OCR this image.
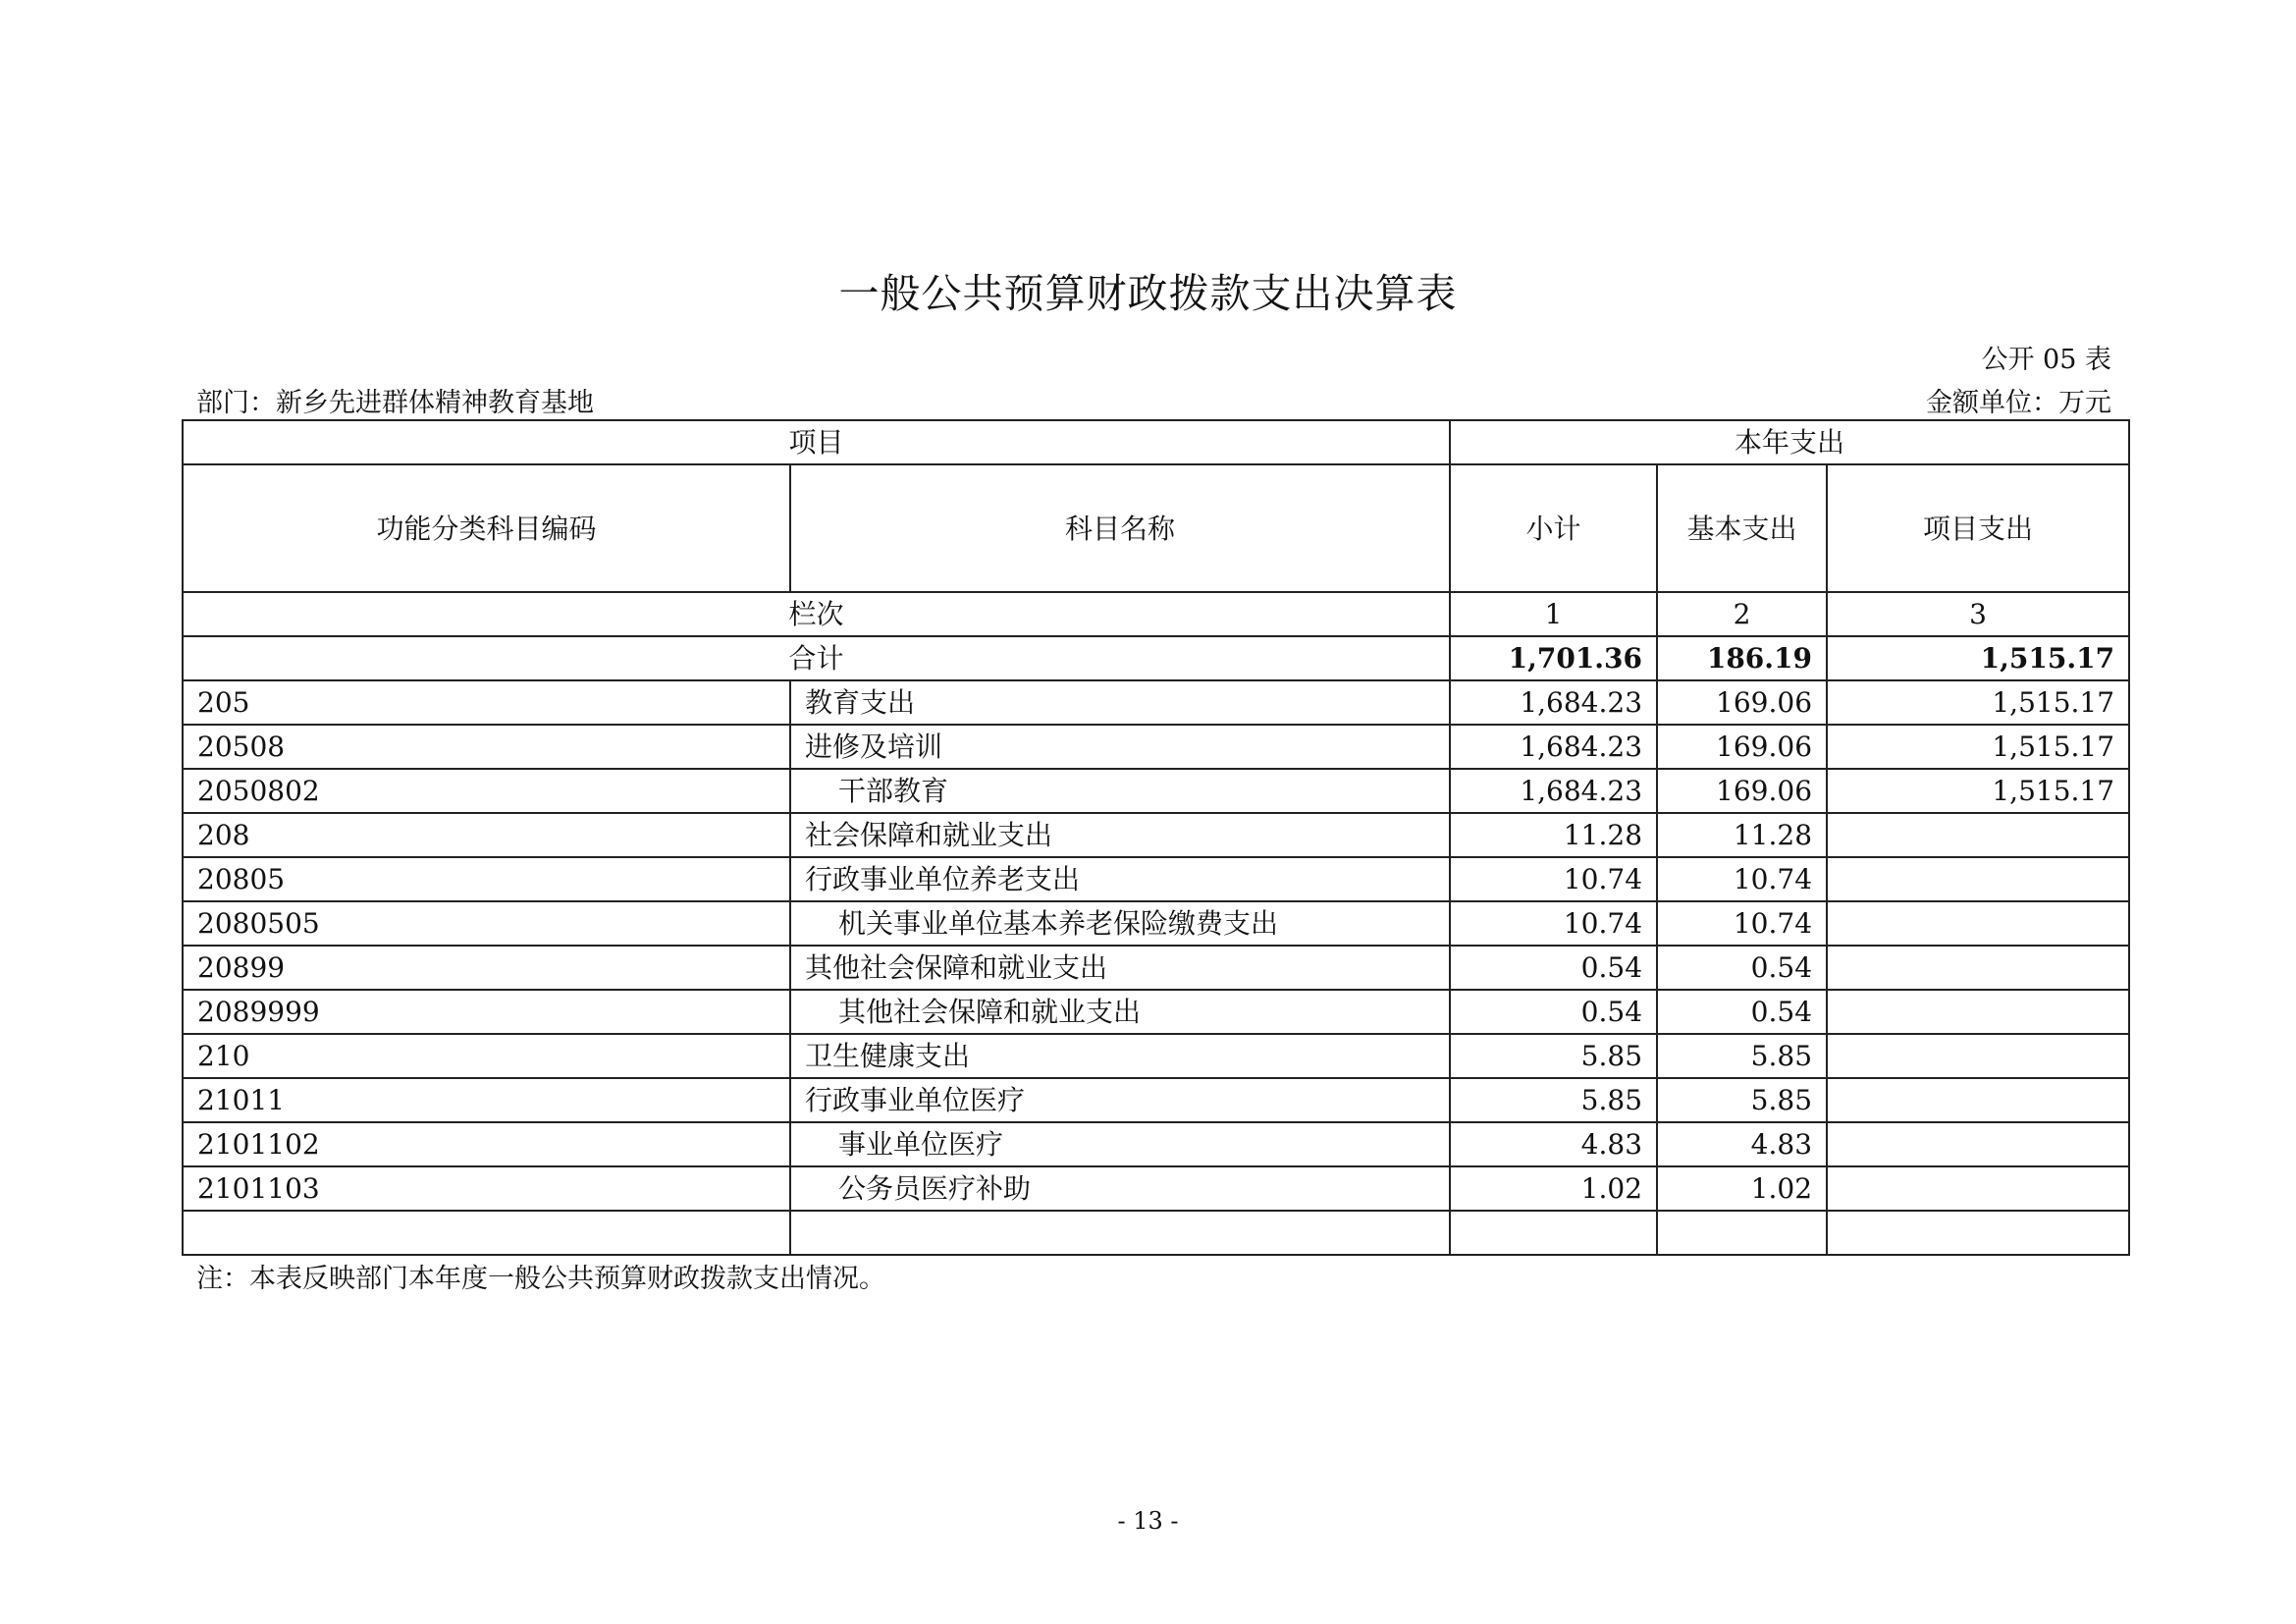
一般公共预算财政拨款支出决算表
公开 05 表
部门：新乡先进群体精神教育基地	金额单位：万元
项目		本年支出		
功能分类科目编码	科目名称	小计	基本支出	项目支出
栏次		1	2	3
合计		1,701.36	186.19	1,515.17
205	教育支出	1,684.23	169.06	1,515.17
20508	进修及培训	1,684.23	169.06	1,515.17
2050802	干部教育	1,684.23	169.06	1,515.17
208	社会保障和就业支出	11.28	11.28	
20805	行政事业单位养老支出	10.74	10.74	
2080505	机关事业单位基本养老保险缴费支出	10.74	10.74	
20899	其他社会保障和就业支出	0.54	0.54	
2089999	其他社会保障和就业支出	0.54	0.54	
210	卫生健康支出	5.85	5.85	
21011	行政事业单位医疗	5.85	5.85	
2101102	事业单位医疗	4.83	4.83	
2101103	公务员医疗补助	1.02	1.02	

注：本表反映部门本年度一般公共预算财政拨款支出情况。
- 13 -
